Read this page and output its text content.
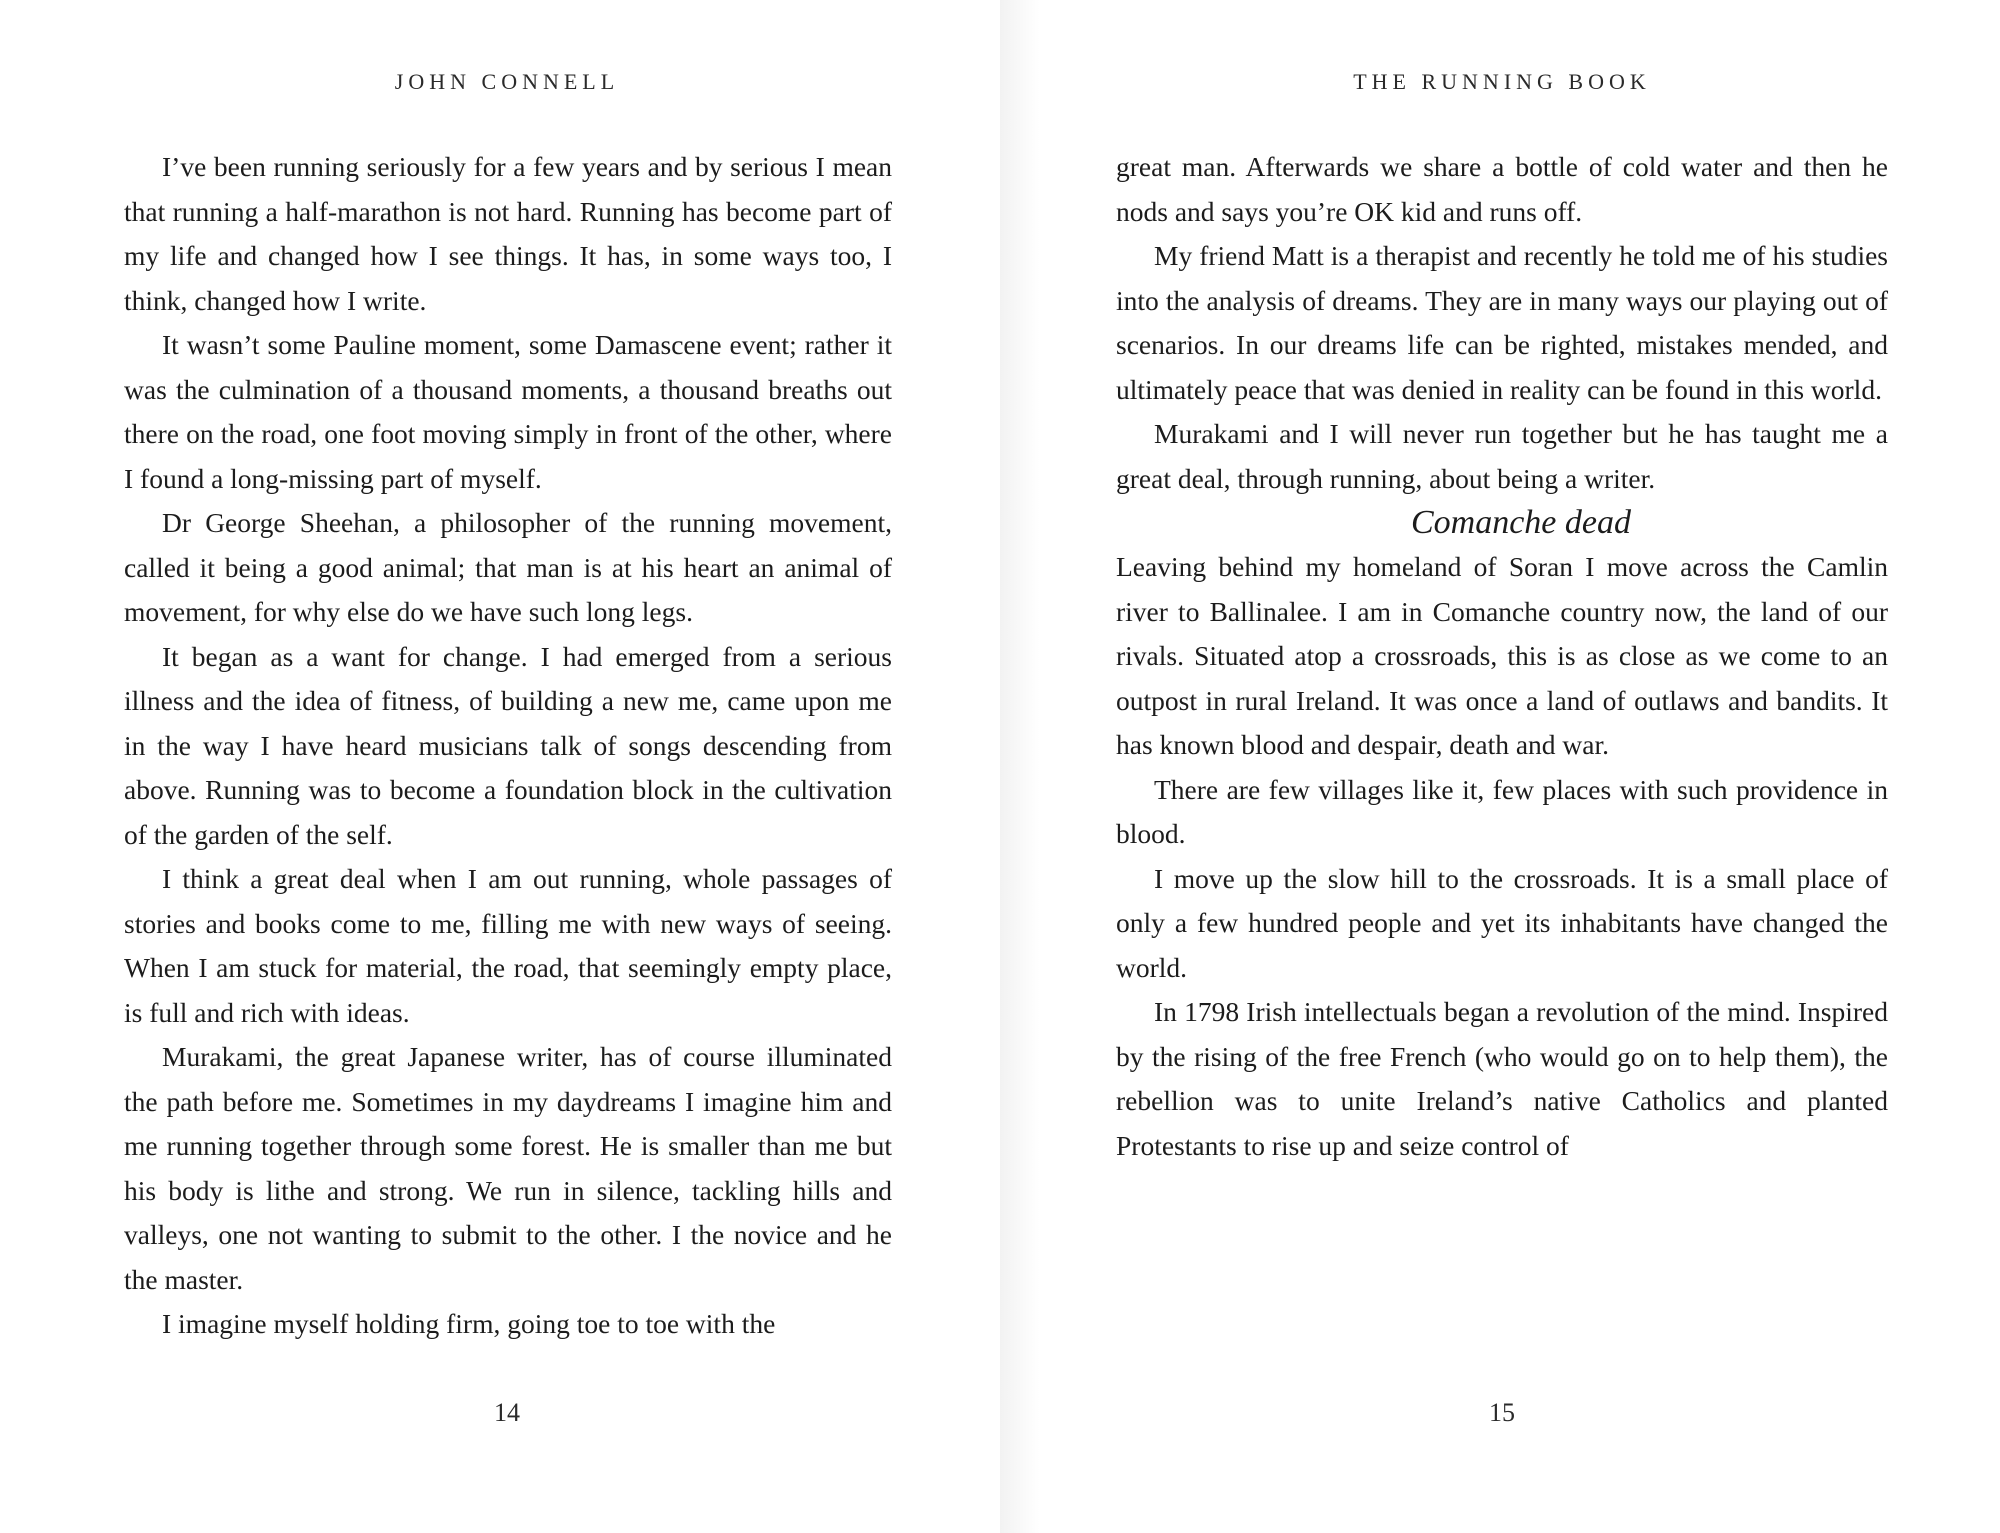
JOHN CONNELL

I’ve been running seriously for a few years and by serious I mean that running a half-marathon is not hard. Running has become part of my life and changed how I see things. It has, in some ways too, I think, changed how I write.

It wasn’t some Pauline moment, some Damascene event; rather it was the culmination of a thousand moments, a thousand breaths out there on the road, one foot moving simply in front of the other, where I found a long-missing part of myself.

Dr George Sheehan, a philosopher of the running movement, called it being a good animal; that man is at his heart an animal of movement, for why else do we have such long legs.

It began as a want for change. I had emerged from a serious illness and the idea of fitness, of building a new me, came upon me in the way I have heard musicians talk of songs descending from above. Running was to become a foundation block in the cultivation of the garden of the self.

I think a great deal when I am out running, whole passages of stories and books come to me, filling me with new ways of seeing. When I am stuck for material, the road, that seemingly empty place, is full and rich with ideas.

Murakami, the great Japanese writer, has of course illuminated the path before me. Sometimes in my daydreams I imagine him and me running together through some forest. He is smaller than me but his body is lithe and strong. We run in silence, tackling hills and valleys, one not wanting to submit to the other. I the novice and he the master.

I imagine myself holding firm, going toe to toe with the

14
THE RUNNING BOOK

great man. Afterwards we share a bottle of cold water and then he nods and says you’re OK kid and runs off.

My friend Matt is a therapist and recently he told me of his studies into the analysis of dreams. They are in many ways our playing out of scenarios. In our dreams life can be righted, mistakes mended, and ultimately peace that was denied in reality can be found in this world.

Murakami and I will never run together but he has taught me a great deal, through running, about being a writer.

Comanche dead

Leaving behind my homeland of Soran I move across the Camlin river to Ballinalee. I am in Comanche country now, the land of our rivals. Situated atop a crossroads, this is as close as we come to an outpost in rural Ireland. It was once a land of outlaws and bandits. It has known blood and despair, death and war.

There are few villages like it, few places with such providence in blood.

I move up the slow hill to the crossroads. It is a small place of only a few hundred people and yet its inhabitants have changed the world.

In 1798 Irish intellectuals began a revolution of the mind. Inspired by the rising of the free French (who would go on to help them), the rebellion was to unite Ireland’s native Catholics and planted Protestants to rise up and seize control of

15
